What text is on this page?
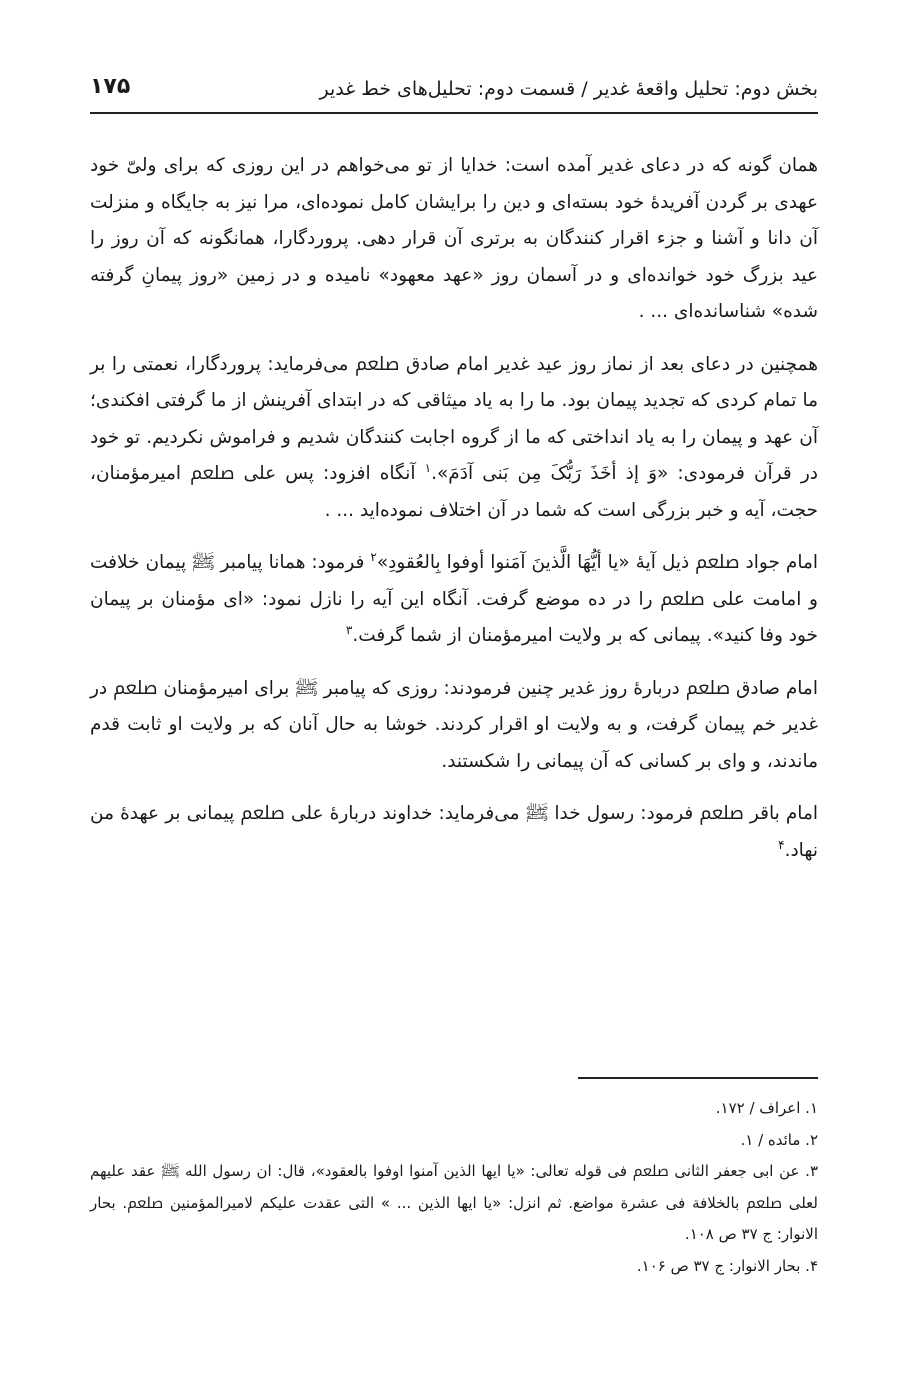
بخش دوم: تحلیل واقعۀ غدیر / قسمت دوم: تحلیل‌های خط غدیر
۱۷۵

همان گونه که در دعای غدیر آمده است: خدایا از تو می‌خواهم در این روزی که برای ولیّ خود عهدی بر گردن آفریدۀ خود بسته‌ای و دین را برایشان کامل نموده‌ای، مرا نیز به جایگاه و منزلت آن دانا و آشنا و جزء اقرار کنندگان به برتری آن قرار دهی. پروردگارا، همانگونه که آن روز را عید بزرگ خود خوانده‌ای و در آسمان روز «عهد معهود» نامیده و در زمین «روز پیمانِ گرفته شده» شناسانده‌ای ... .

همچنین در دعای بعد از نماز روز عید غدیر امام صادق ﷵ می‌فرماید: پروردگارا، نعمتی را بر ما تمام کردی که تجدید پیمان بود. ما را به یاد میثاقی که در ابتدای آفرینش از ما گرفتی افکندی؛ آن عهد و پیمان را به یاد انداختی که ما از گروه اجابت کنندگان شدیم و فراموش نکردیم. تو خود در قرآن فرمودی: «وَ إذ أخَذَ رَبُّکَ مِن بَنی آدَمَ».$^۱$ آنگاه افزود: پس علی ﷵ امیرمؤمنان، حجت، آیه و خبر بزرگی است که شما در آن اختلاف نموده‌اید ... .

امام جواد ﷵ ذیل آیۀ «یا أیُّهَا الَّذینَ آمَنوا أوفوا بِالعُقودِ»$^۲$ فرمود: همانا پیامبر ﷺ پیمان خلافت و امامت علی ﷵ را در ده موضع گرفت. آنگاه این آیه را نازل نمود: «ای مؤمنان بر پیمان خود وفا کنید». پیمانی که بر ولایت امیرمؤمنان از شما گرفت.$^۳$

امام صادق ﷵ دربارۀ روز غدیر چنین فرمودند: روزی که پیامبر ﷺ برای امیرمؤمنان ﷵ در غدیر خم پیمان گرفت، و به ولایت او اقرار کردند. خوشا به حال آنان که بر ولایت او ثابت قدم ماندند، و وای بر کسانی که آن پیمانی را شکستند.

امام باقر ﷵ فرمود: رسول خدا ﷺ می‌فرماید: خداوند دربارۀ علی ﷵ پیمانی بر عهدۀ من نهاد.$^۴$

۱. اعراف / ۱۷۲.

۲. مائده / ۱.

۳. عن ابی جعفر الثانی ﷵ فی قوله تعالی: «یا ایها الذین آمنوا اوفوا بالعقود»، قال: ان رسول الله ﷺ عقد علیهم لعلی ﷵ بالخلافة فی عشرة مواضع. ثم انزل: «یا ایها الذین ... » التی عقدت علیکم لامیرالمؤمنین ﷵ. بحار الانوار: ج ۳۷ ص ۱۰۸.

۴. بحار الانوار: ج ۳۷ ص ۱۰۶.
